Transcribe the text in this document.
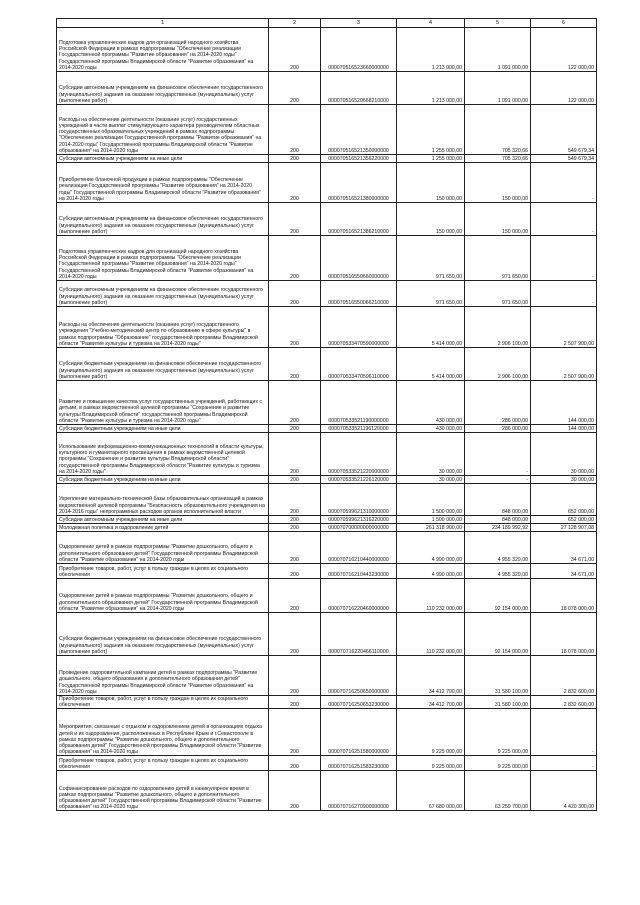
1	2	3	4	5	6
Подготовка управленческих кадров для организаций народного хозяйства Российской Федерации в рамках подпрограммы "Обеспечение реализации Государственной программы "Развитие образования" на 2014-2020 годы" Государственной программы Владимирской области "Развитие образования" на 2014-2020 годы	200	000070516523660000000	1 213 000,00	1 091 000,00	122 000,00
Субсидии автономным учреждениям на финансовое обеспечение государственного (муниципального) задания на оказание государственных (муниципальных) услуг (выполнение работ)	200	000070516520668210000	1 213 000,00	1 091 000,00	122 000,00
Расходы на обеспечение деятельности (оказание услуг) государственных учреждений в части выплат стимулирующего характера руководителям областных государственных образовательных учреждений в рамках подпрограммы "Обеспечение реализации Государственной программы "Развитие образования" на 2014-2020 годы" Государственной программы Владимирской области "Развитие образования" на 2014-2020 годы	200	000070516521350000000	1 255 000,00	705 320,66	549 679,34
Субсидии автономным учреждениям на иные цели	200	000070516521356220000	1 255 000,00	705 320,66	549 679,34
Приобретение бланочной продукции в рамках подпрограммы "Обеспечение реализации Государственной программы "Развитие образования" на 2014-2020 годы" Государственной программы Владимирской области "Развитие образования" на 2014-2020 годы	200	000070516521380000000	150 000,00	150 000,00	-
Субсидии автономным учреждениям на финансовое обеспечение государственного (муниципального) задания на оказание государственных (муниципальных) услуг (выполнение работ)	200	000070516521386210000	150 000,00	150 000,00	-
Подготовка управленческих кадров для организаций народного хозяйства Российской Федерации в рамках подпрограммы "Обеспечение реализации Государственной программы "Развитие образования" на 2014-2020 годы" Государственной программы Владимирской области "Развитие образования" на 2014-2020 годы	200	000070516550660000000	971 650,00	971 650,00	-
Субсидии автономным учреждениям на финансовое обеспечение государственного (муниципального) задания на оказание государственных (муниципальных) услуг (выполнение работ)	200	000070516550066210000	971 650,00	971 650,00	-
Расходы на обеспечение деятельности (оказание услуг) государственного учреждения "Учебно-методический центр по образованию в сфере культуры" в рамках подпрограммы "Образование" государственной программы Владимирской области "Развитие культуры и туризма на 2014-2020 годы"	200	000070533470590000000	5 414 000,00	2 906 100,00	2 507 900,00
Субсидии бюджетным учреждениям на финансовое обеспечение государственного (муниципального) задания на оказание государственных (муниципальных) услуг (выполнение работ)	200	000070533470596110000	5 414 000,00	2 906 100,00	2 507 900,00
Развитие и повышение качества услуг государственных учреждений, работающих с детьми, в рамках ведомственной целевой программы "Сохранение и развитие культуры Владимирской области" государственной программы Владимирской области "Развитие культуры и туризма на 2014-2020 годы"	200	000070533521190000000	430 000,00	286 000,00	144 000,00
Субсидии бюджетным учреждениям на иные цели	200	000070533521196120000	430 000,00	286 000,00	144 000,00
Использование информационно-коммуникационных технологий в области культуры, культурного и гуманитарного просвещения в рамках ведомственной целевой программы "Сохранение и развитие культуры Владимирской области" государственной программы Владимирской области "Развитие культуры и туризма на 2014-2020 годы"	200	000070533521220000000	30 000,00	-	30 000,00
Субсидии бюджетным учреждениям на иные цели	200	000070533521226120000	30 000,00	-	30 000,00
Укрепление материально-технической базы образовательных организаций в рамках ведомственной целевой программы "Безопасность образовательного учреждения на 2014-2016 годы" непрограммных расходов органов исполнительной власти	200	000070599621310000000	1 500 000,00	848 000,00	652 000,00
Субсидии автономным учреждениям на иные цели	200	000070599621316220000	1 500 000,00	848 000,00	652 000,00
Молодежная политика и оздоровление детей	200	000070700000000000000	261 318 900,00	234 189 992,92	27 128 907,08
Оздоровление детей в рамках подпрограммы "Развитие дошкольного, общего и дополнительного образования детей" Государственной программы Владимирской области "Развитие образования" на 2014-2020 годы	200	000070716210440000000	4 990 000,00	4 955 329,00	34 671,00
Приобретение товаров, работ, услуг в пользу граждан в целях их социального обеспечения	200	000070716210443230000	4 990 000,00	4 955 329,00	34 671,00
Оздоровление детей в рамках подпрограммы "Развитие дошкольного, общего и дополнительного образования детей" Государственной программы Владимирской области "Развитие образования" на 2014-2020 годы	200	000070716220460000000	110 232 000,00	92 154 000,00	18 078 000,00
Субсидии бюджетным учреждениям на финансовое обеспечение государственного (муниципального) задания на оказание государственных (муниципальных) услуг (выполнение работ)	200	000070716220466110000	110 232 000,00	92 154 000,00	18 078 000,00
Проведение оздоровительной кампании детей в рамках подпрограммы "Развитие дошкольного, общего образования и дополнительного образования детей" Государственной программы Владимирской области "Развитие образования" на 2014-2020 годы	200	000070716250650000000	34 412 700,00	31 580 100,00	2 832 600,00
Приобретение товаров, работ, услуг в пользу граждан в целях их социального обеспечения	200	000070716250653230000	34 412 700,00	31 580 100,00	2 832 600,00
Мероприятия, связанные с отдыхом и оздоровлением детей в организациях отдыха детей и их оздоровления, расположенных в Республике Крым и г.Севастополе в рамках подпрограммы "Развитие дошкольного, общего и дополнительного образования детей" Государственной программы Владимирской области "Развитие образования" на 2014-2020 годы	200	000070716251580000000	9 225 000,00	9 225 000,00	-
Приобретение товаров, работ, услуг в пользу граждан в целях их социального обеспечения	200	000070716251583230000	9 225 000,00	9 225 000,00	-
Софинансирование расходов по оздоровлению детей в каникулярное время в рамках подпрограммы "Развитие дошкольного, общего и дополнительного образования детей" Государственной программы Владимирской области "Развитие образования" на 2014-2020 годы	200	000070716270900000000	67 680 000,00	63 259 700,00	4 420 300,00
